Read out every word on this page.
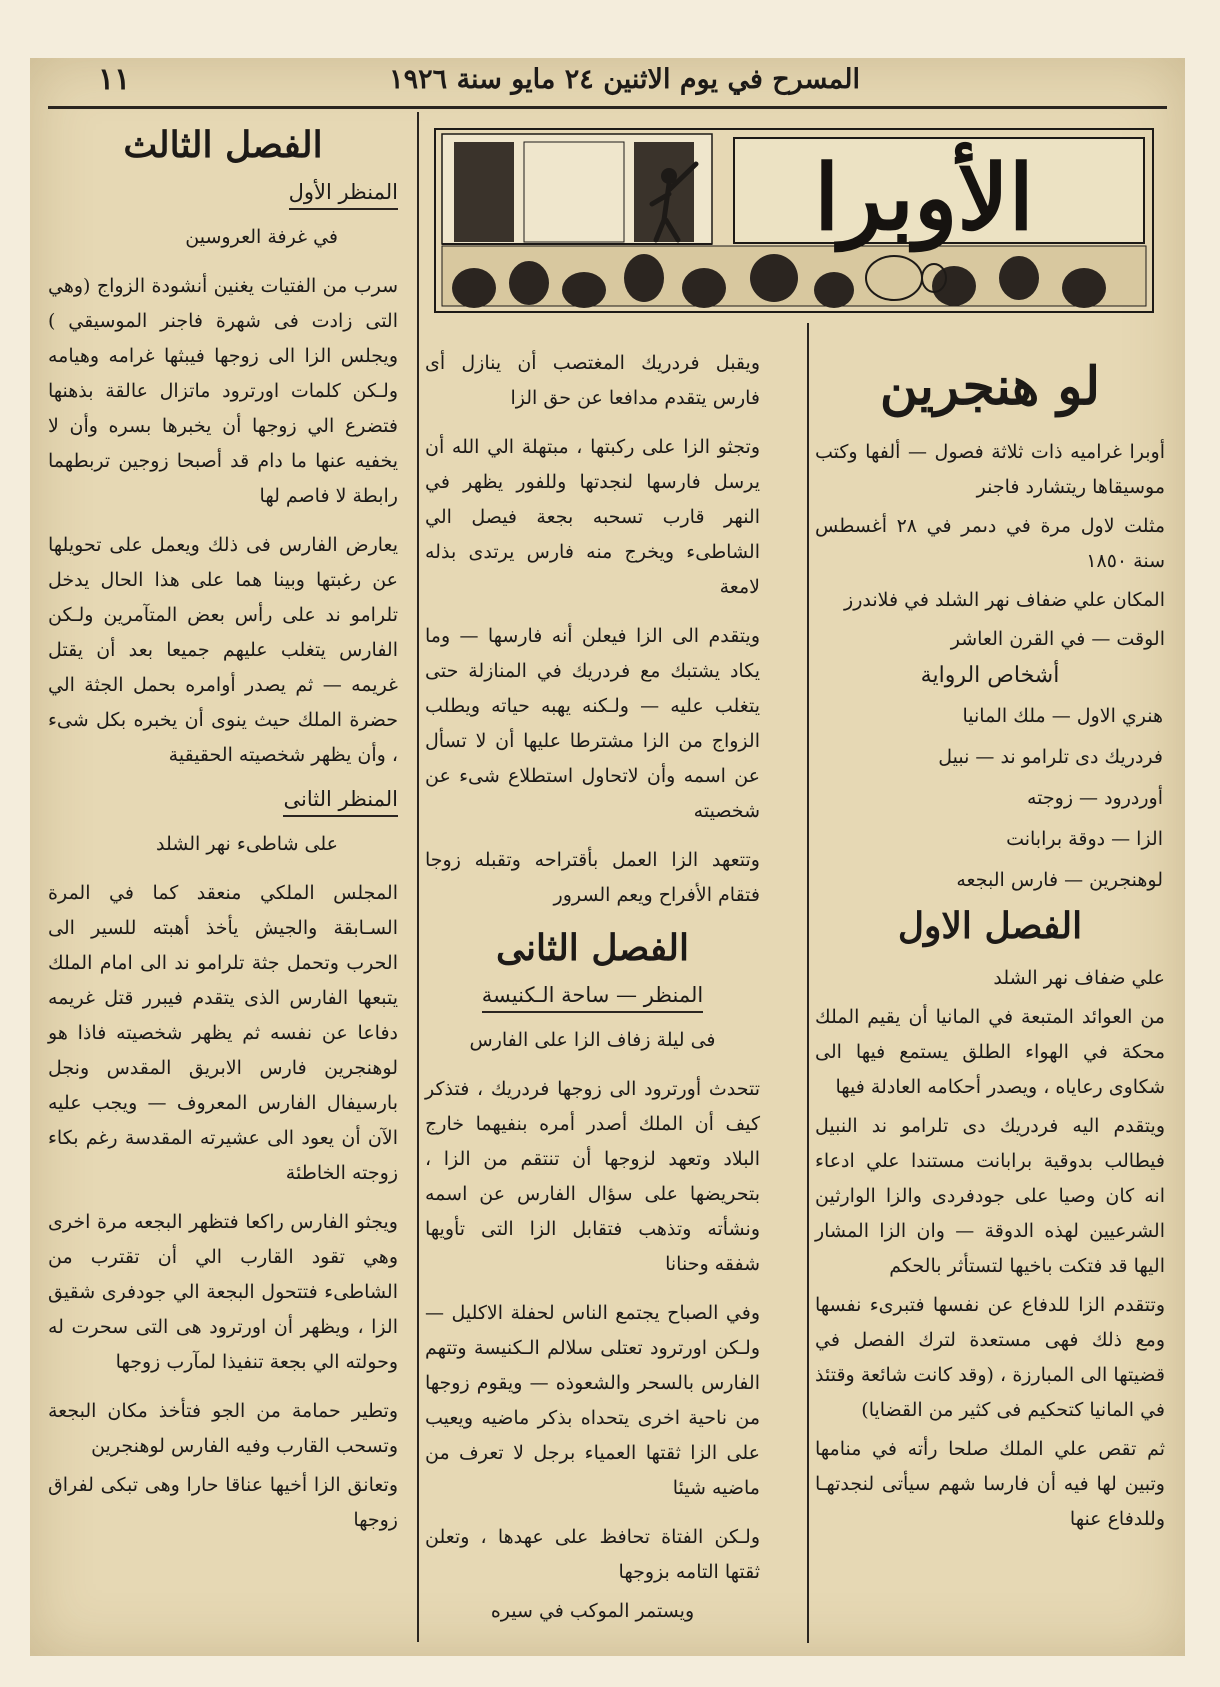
المسرح في يوم الاثنين ٢٤ مايو سنة ١٩٢٦
١١
الأوبرا
لو هنجرين

أوبرا غراميه ذات ثلاثة فصول — ألفها وكتب موسيقاها ريتشارد فاجنر

مثلت لاول مرة في دىمر في ٢٨ أغسطس سنة ١٨٥٠

المكان علي ضفاف نهر الشلد في فلاندرز

الوقت — في القرن العاشر

أشخاص الرواية

هنري الاول — ملك المانيا

فردريك دى تلرامو ند — نبيل

أوردرود — زوجته

الزا — دوقة برابانت

لوهنجرين — فارس البجعه

الفصل الاول

علي ضفاف نهر الشلد

من العوائد المتبعة في المانيا أن يقيم الملك محكة في الهواء الطلق يستمع فيها الى شكاوى رعاياه ، ويصدر أحكامه العادلة فيها

ويتقدم اليه فردريك دى تلرامو ند النبيل فيطالب بدوقية برابانت مستندا علي ادعاء انه كان وصيا على جودفردى والزا الوارثين الشرعيين لهذه الدوقة — وان الزا المشار اليها قد فتكت باخيها لتستأثر بالحكم

وتتقدم الزا للدفاع عن نفسها فتبرىء نفسها ومع ذلك فهى مستعدة لترك الفصل في قضيتها الى المبارزة ، (وقد كانت شائعة وقتئذ في المانيا كتحكيم فى كثير من القضايا)

ثم تقص علي الملك صلحا رأته في منامها وتبين لها فيه أن فارسا شهم سيأتى لنجدتهـا وللدفاع عنها

ويقبل فردريك المغتصب أن ينازل أى فارس يتقدم مدافعا عن حق الزا

وتجثو الزا على ركبتها ، مبتهلة الي الله أن يرسل فارسها لنجدتها وللفور يظهر في النهر قارب تسحبه بجعة فيصل الي الشاطىء ويخرج منه فارس يرتدى بذله لامعة

ويتقدم الى الزا فيعلن أنه فارسها — وما يكاد يشتبك مع فردريك في المنازلة حتى يتغلب عليه — ولـكنه يهبه حياته ويطلب الزواج من الزا مشترطا عليها أن لا تسأل عن اسمه وأن لاتحاول استطلاع شىء عن شخصيته

وتتعهد الزا العمل بأقتراحه وتقبله زوجا فتقام الأفراح ويعم السرور

الفصل الثانى
المنظر — ساحة الـكنيسة

فى ليلة زفاف الزا على الفارس

تتحدث أورترود الى زوجها فردريك ، فتذكر كيف أن الملك أصدر أمره بنفيهما خارج البلاد وتعهد لزوجها أن تنتقم من الزا ، بتحريضها على سؤال الفارس عن اسمه ونشأته وتذهب فتقابل الزا التى تأويها شفقه وحنانا

وفي الصباح يجتمع الناس لحفلة الاكليل — ولـكن اورترود تعتلى سلالم الـكنيسة وتتهم الفارس بالسحر والشعوذه — ويقوم زوجها من ناحية اخرى يتحداه بذكر ماضيه ويعيب على الزا ثقتها العمياء برجل لا تعرف من ماضيه شيئا

ولـكن الفتاة تحافظ على عهدها ، وتعلن ثقتها التامه بزوجها

ويستمر الموكب في سيره

الفصل الثالث
المنظر الأول

في غرفة العروسين

سرب من الفتيات يغنين أنشودة الزواج (وهي التى زادت فى شهرة فاجنر الموسيقي ) ويجلس الزا الى زوجها فيبثها غرامه وهيامه ولـكن كلمات اورترود ماتزال عالقة بذهنها فتضرع الي زوجها أن يخبرها بسره وأن لا يخفيه عنها ما دام قد أصبحا زوجين تربطهما رابطة لا فاصم لها

يعارض الفارس فى ذلك ويعمل على تحويلها عن رغبتها وبينا هما على هذا الحال يدخل تلرامو ند على رأس بعض المتآمرين ولـكن الفارس يتغلب عليهم جميعا بعد أن يقتل غريمه — ثم يصدر أوامره بحمل الجثة الي حضرة الملك حيث ينوى أن يخبره بكل شىء ، وأن يظهر شخصيته الحقيقية

المنظر الثانى

على شاطىء نهر الشلد

المجلس الملكي منعقد كما في المرة السـابقة والجيش يأخذ أهبته للسير الى الحرب وتحمل جثة تلرامو ند الى امام الملك يتبعها الفارس الذى يتقدم فيبرر قتل غريمه دفاعا عن نفسه ثم يظهر شخصيته فاذا هو لوهنجرين فارس الابريق المقدس ونجل بارسيفال الفارس المعروف — ويجب عليه الآن أن يعود الى عشيرته المقدسة رغم بكاء زوجته الخاطئة

ويجثو الفارس راكعا فتظهر البجعه مرة اخرى وهي تقود القارب الي أن تقترب من الشاطىء فتتحول البجعة الي جودفرى شقيق الزا ، ويظهر أن اورترود هى التى سحرت له وحولته الي بجعة تنفيذا لمآرب زوجها

وتطير حمامة من الجو فتأخذ مكان البجعة وتسحب القارب وفيه الفارس لوهنجرين

وتعانق الزا أخيها عناقا حارا وهى تبكى لفراق زوجها
